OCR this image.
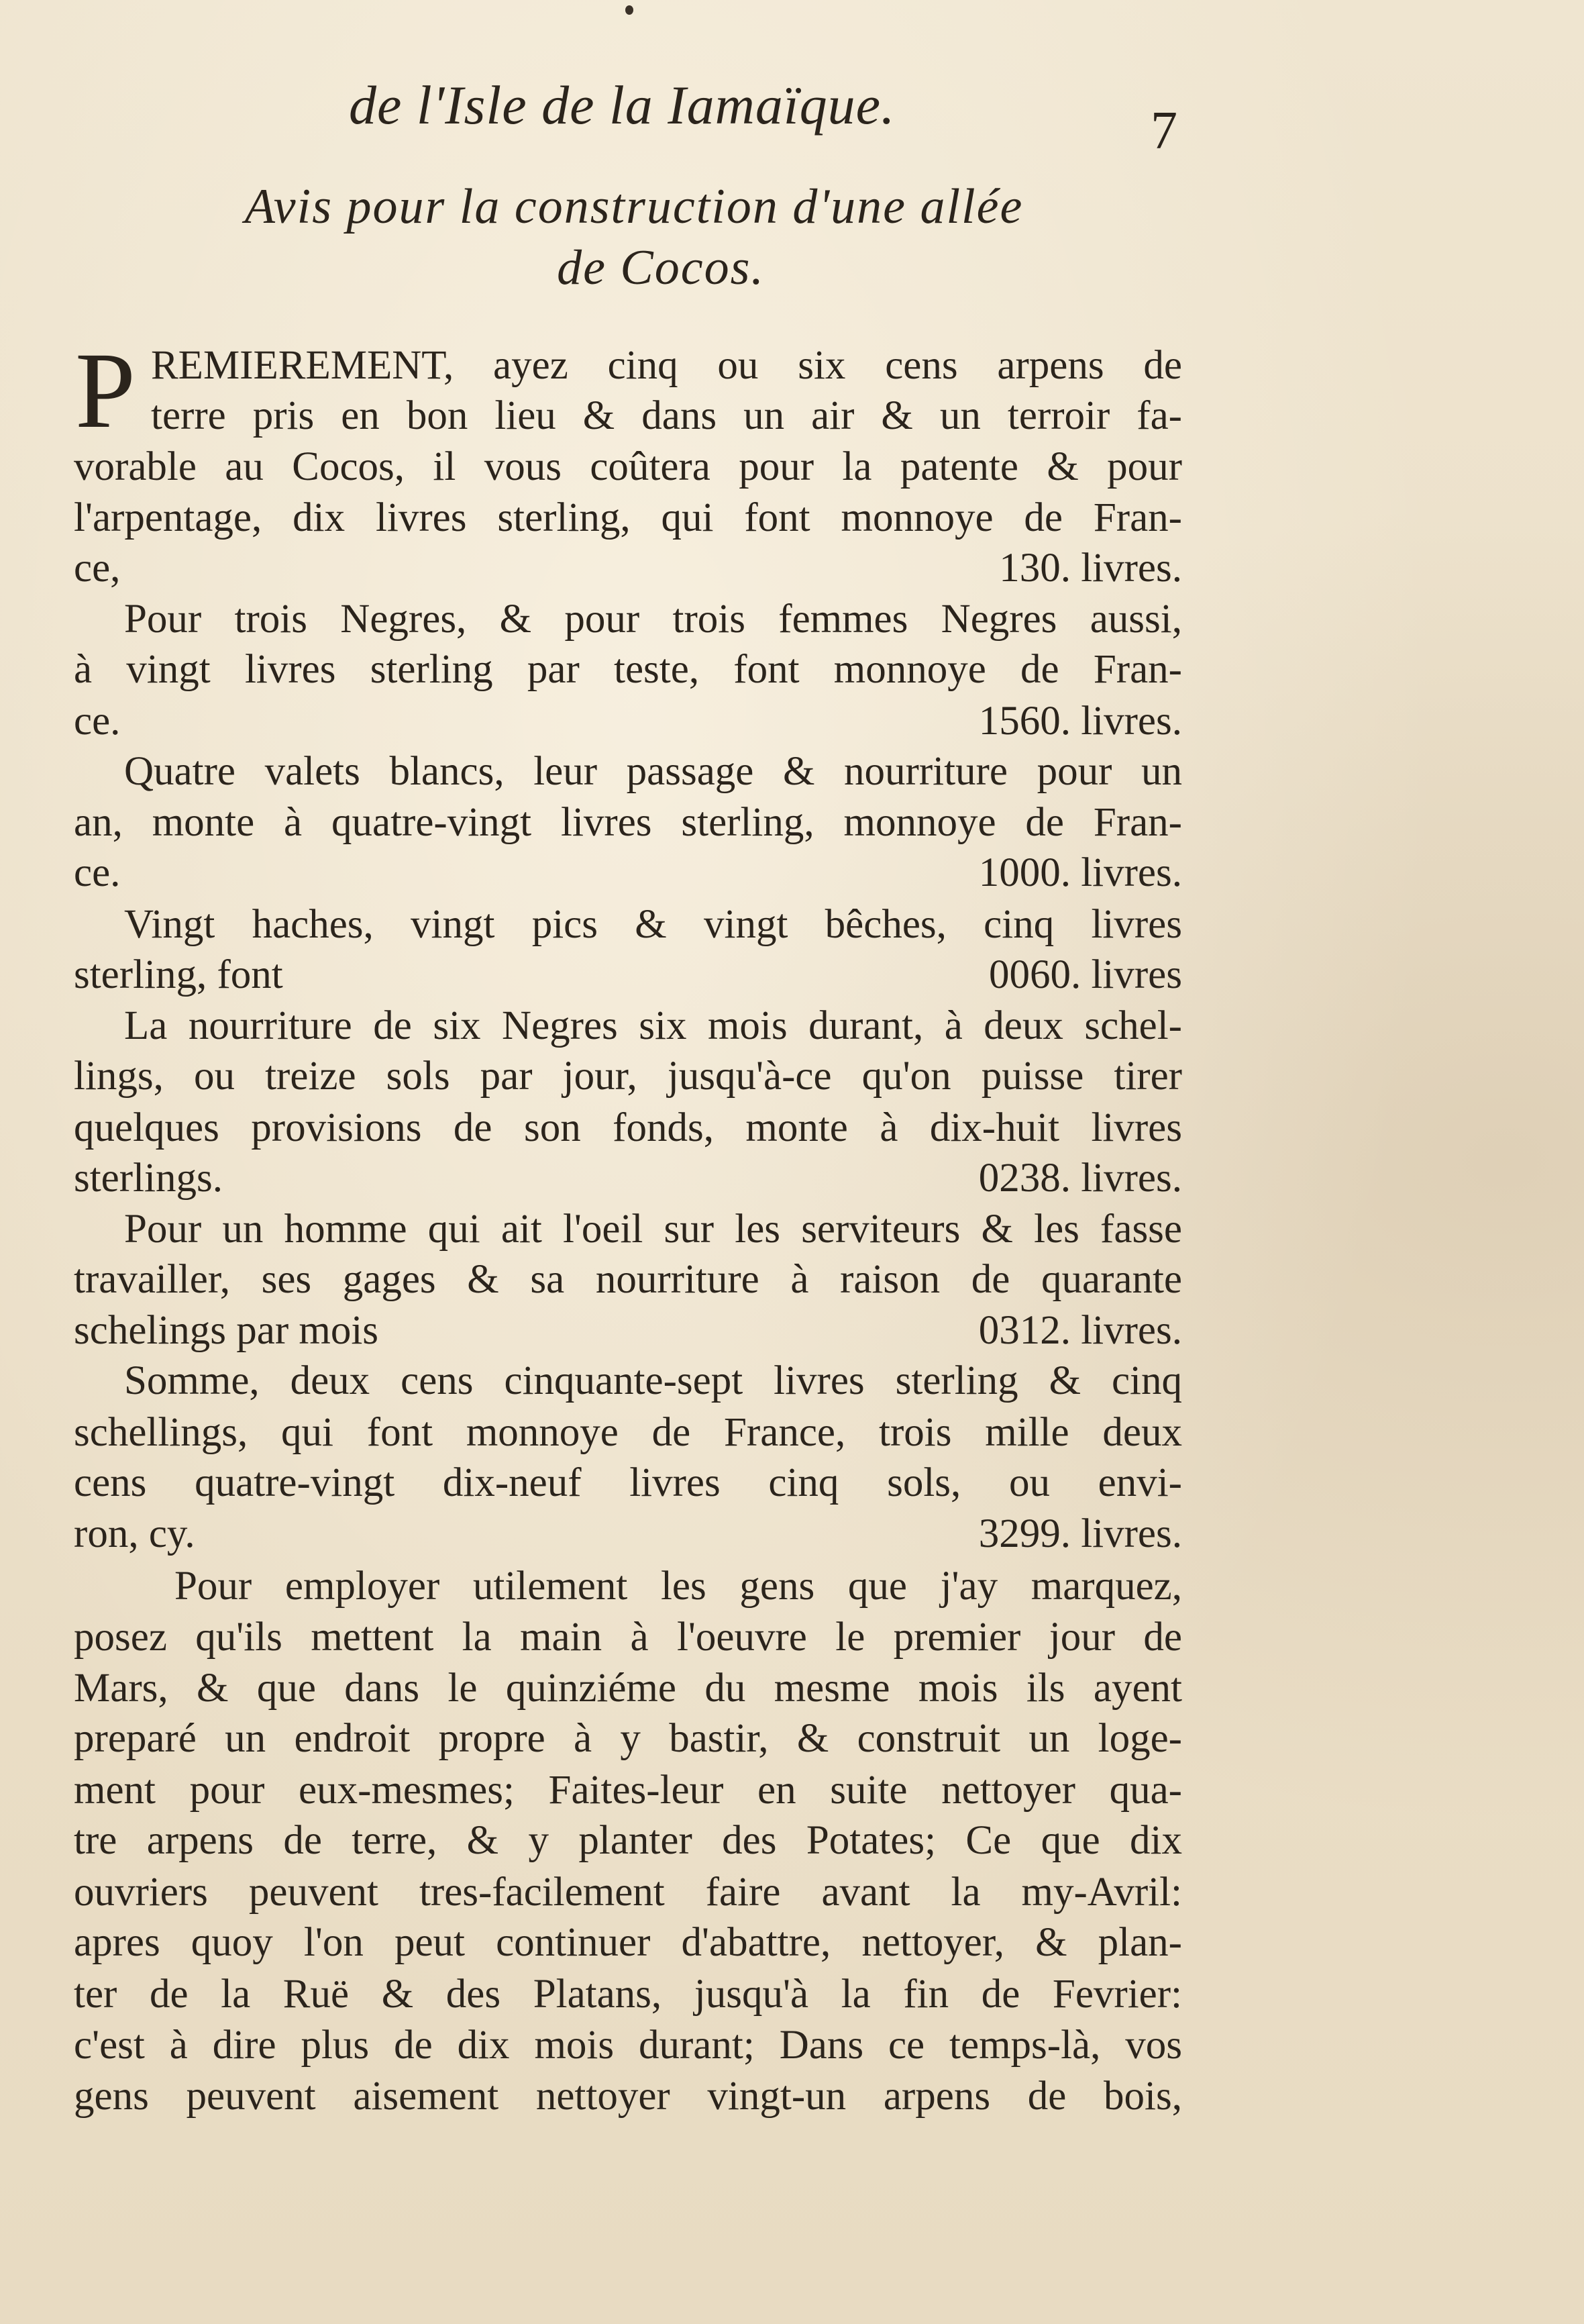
de l'Isle de la Iamaïque.	7
Avis pour la construction d'une allée
de Cocos.
P REMIEREMENT, ayez cinq ou six cens arpens de
terre pris en bon lieu & dans un air & un terroir fa-
vorable au Cocos, il vous coûtera pour la patente & pour
l'arpentage, dix livres sterling, qui font monnoye de Fran-
ce,	130. livres.
Pour trois Negres, & pour trois femmes Negres aussi,
à vingt livres sterling par teste, font monnoye de Fran-
ce.	1560. livres.
Quatre valets blancs, leur passage & nourriture pour un
an, monte à quatre-vingt livres sterling, monnoye de Fran-
ce.	1000. livres.
Vingt haches, vingt pics & vingt bêches, cinq livres
sterling, font	0060. livres
La nourriture de six Negres six mois durant, à deux schel-
lings, ou treize sols par jour, jusqu'à-ce qu'on puisse tirer
quelques provisions de son fonds, monte à dix-huit livres
sterlings.	0238. livres.
Pour un homme qui ait l'oeil sur les serviteurs & les fasse
travailler, ses gages & sa nourriture à raison de quarante
schelings par mois	0312. livres.
Somme, deux cens cinquante-sept livres sterling & cinq
schellings, qui font monnoye de France, trois mille deux
cens quatre-vingt dix-neuf livres cinq sols, ou envi-
ron, cy.	3299. livres.
Pour employer utilement les gens que j'ay marquez,
posez qu'ils mettent la main à l'oeuvre le premier jour de
Mars, & que dans le quinziéme du mesme mois ils ayent
preparé un endroit propre à y bastir, & construit un loge-
ment pour eux-mesmes; Faites-leur en suite nettoyer qua-
tre arpens de terre, & y planter des Potates; Ce que dix
ouvriers peuvent tres-facilement faire avant la my-Avril:
apres quoy l'on peut continuer d'abattre, nettoyer, & plan-
ter de la Ruë & des Platans, jusqu'à la fin de Fevrier:
c'est à dire plus de dix mois durant; Dans ce temps-là, vos
gens peuvent aisement nettoyer vingt-un arpens de bois,
